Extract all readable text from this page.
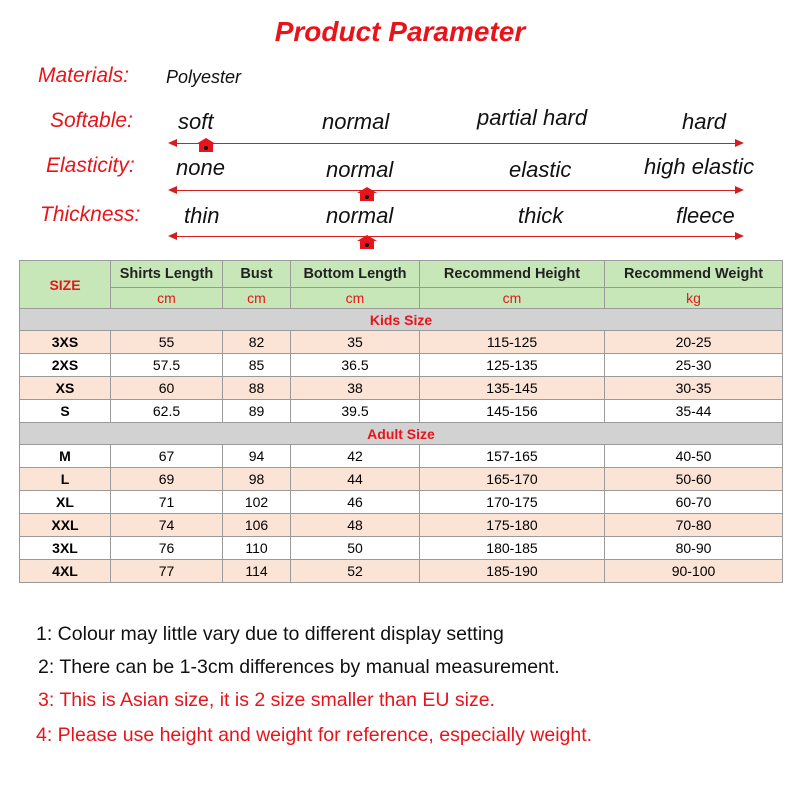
Product Parameter
Materials: Polyester
Softable: soft	normal	partial hard	hard
Elasticity: none	normal	elastic	high elastic
Thickness: thin	normal	thick	fleece
SIZE	Shirts Length	Bust	Bottom Length	Recommend Height	Recommend Weight
	cm	cm	cm	cm	kg
Kids Size					
3XS	55	82	35	115-125	20-25
2XS	57.5	85	36.5	125-135	25-30
XS	60	88	38	135-145	30-35
S	62.5	89	39.5	145-156	35-44
Adult Size					
M	67	94	42	157-165	40-50
L	69	98	44	165-170	50-60
XL	71	102	46	170-175	60-70
XXL	74	106	48	175-180	70-80
3XL	76	110	50	180-185	80-90
4XL	77	114	52	185-190	90-100
1: Colour may little vary due to different display setting
2: There can be 1-3cm differences by manual measurement.
3: This is Asian size, it is 2 size smaller than EU size.
4: Please use height and weight for reference, especially weight.
